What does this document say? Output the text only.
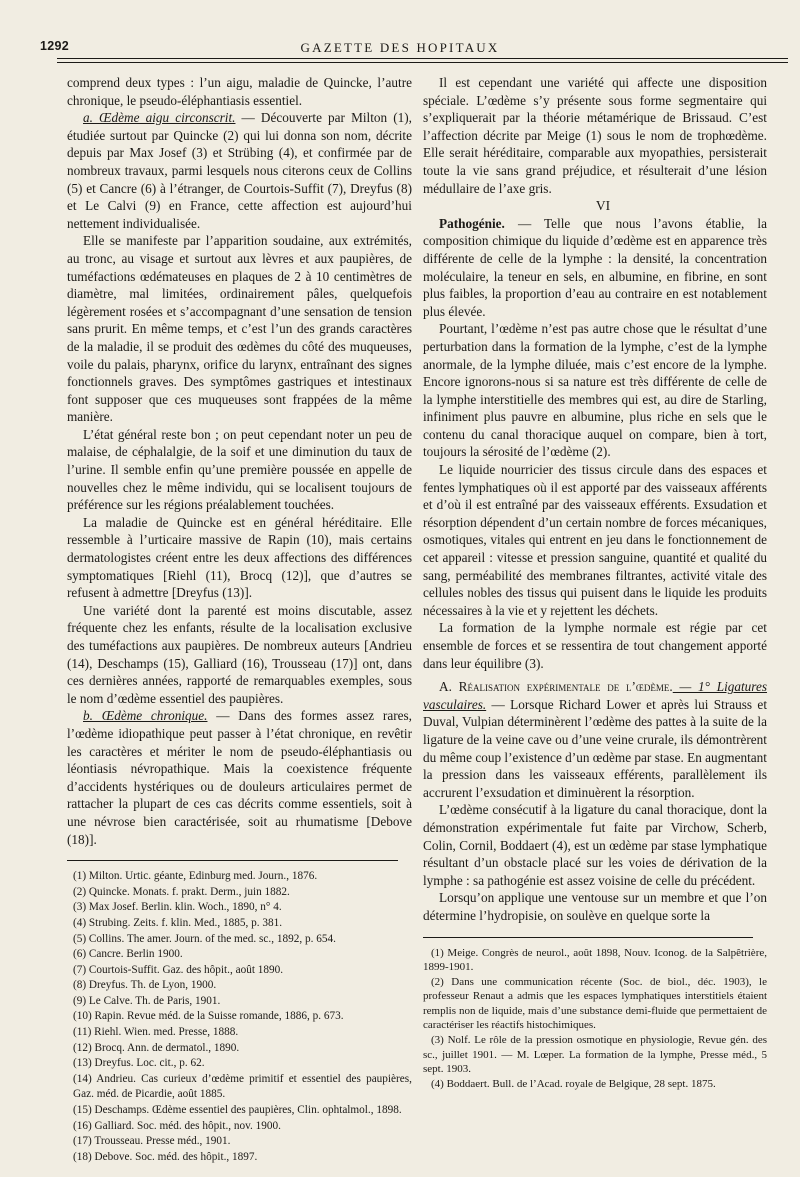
1292	GAZETTE DES HOPITAUX

comprend deux types : l’un aigu, maladie de Quincke, l’autre chronique, le pseudo-éléphantiasis essentiel.

a. Œdème aigu circonscrit. — Découverte par Milton (1), étudiée surtout par Quincke (2) qui lui donna son nom, décrite depuis par Max Josef (3) et Strübing (4), et confirmée par de nombreux travaux, parmi lesquels nous citerons ceux de Collins (5) et Cancre (6) à l’étranger, de Courtois-Suffit (7), Dreyfus (8) et Le Calvi (9) en France, cette affection est aujourd’hui nettement individualisée.

Elle se manifeste par l’apparition soudaine, aux extrémités, au tronc, au visage et surtout aux lèvres et aux paupières, de tuméfactions œdémateuses en plaques de 2 à 10 centimètres de diamètre, mal limitées, ordinairement pâles, quelquefois légèrement rosées et s’accompagnant d’une sensation de tension sans prurit. En même temps, et c’est l’un des grands caractères de la maladie, il se produit des œdèmes du côté des muqueuses, voile du palais, pharynx, orifice du larynx, entraînant des signes fonctionnels graves. Des symptômes gastriques et intestinaux font supposer que ces muqueuses sont frappées de la même manière.

L’état général reste bon ; on peut cependant noter un peu de malaise, de céphalalgie, de la soif et une diminution du taux de l’urine. Il semble enfin qu’une première poussée en appelle de nouvelles chez le même individu, qui se localisent toujours de préférence sur les régions préalablement touchées.

La maladie de Quincke est en général héréditaire. Elle ressemble à l’urticaire massive de Rapin (10), mais certains dermatologistes créent entre les deux affections des différences symptomatiques [Riehl (11), Brocq (12)], que d’autres se refusent à admettre [Dreyfus (13)].

Une variété dont la parenté est moins discutable, assez fréquente chez les enfants, résulte de la localisation exclusive des tuméfactions aux paupières. De nombreux auteurs [Andrieu (14), Deschamps (15), Galliard (16), Trousseau (17)] ont, dans ces dernières années, rapporté de remarquables exemples, sous le nom d’œdème essentiel des paupières.

b. Œdème chronique. — Dans des formes assez rares, l’œdème idiopathique peut passer à l’état chronique, en revêtir les caractères et mériter le nom de pseudo-éléphantiasis ou léontiasis névropathique. Mais la coexistence fréquente d’accidents hystériques ou de douleurs articulaires permet de rattacher la plupart de ces cas décrits comme essentiels, soit à une névrose bien caractérisée, soit au rhumatisme [Debove (18)].

(1) Milton. Urtic. géante, Edinburg med. Journ., 1876.
(2) Quincke. Monats. f. prakt. Derm., juin 1882.
(3) Max Josef. Berlin. klin. Woch., 1890, n° 4.
(4) Strubing. Zeits. f. klin. Med., 1885, p. 381.
(5) Collins. The amer. Journ. of the med. sc., 1892, p. 654.
(6) Cancre. Berlin 1900.
(7) Courtois-Suffit. Gaz. des hôpit., août 1890.
(8) Dreyfus. Th. de Lyon, 1900.
(9) Le Calve. Th. de Paris, 1901.
(10) Rapin. Revue méd. de la Suisse romande, 1886, p. 673.
(11) Riehl. Wien. med. Presse, 1888.
(12) Brocq. Ann. de dermatol., 1890.
(13) Dreyfus. Loc. cit., p. 62.
(14) Andrieu. Cas curieux d’œdème primitif et essentiel des paupières, Gaz. méd. de Picardie, août 1885.
(15) Deschamps. Œdème essentiel des paupières, Clin. ophtalmol., 1898.
(16) Galliard. Soc. méd. des hôpit., nov. 1900.
(17) Trousseau. Presse méd., 1901.
(18) Debove. Soc. méd. des hôpit., 1897.

Il est cependant une variété qui affecte une disposition spéciale. L’œdème s’y présente sous forme segmentaire qui s’expliquerait par la théorie métamérique de Brissaud. C’est l’affection décrite par Meige (1) sous le nom de trophœdème. Elle serait héréditaire, comparable aux myopathies, persisterait toute la vie sans grand préjudice, et résulterait d’une lésion médullaire de l’axe gris.

VI

Pathogénie. — Telle que nous l’avons établie, la composition chimique du liquide d’œdème est en apparence très différente de celle de la lymphe : la densité, la concentration moléculaire, la teneur en sels, en albumine, en fibrine, en sont plus faibles, la proportion d’eau au contraire en est notablement plus élevée.

Pourtant, l’œdème n’est pas autre chose que le résultat d’une perturbation dans la formation de la lymphe, c’est de la lymphe anormale, de la lymphe diluée, mais c’est encore de la lymphe. Encore ignorons-nous si sa nature est très différente de celle de la lymphe interstitielle des membres qui est, au dire de Starling, infiniment plus pauvre en albumine, plus riche en sels que le contenu du canal thoracique auquel on compare, bien à tort, toujours la sérosité de l’œdème (2).

Le liquide nourricier des tissus circule dans des espaces et fentes lymphatiques où il est apporté par des vaisseaux afférents et d’où il est entraîné par des vaisseaux efférents. Exsudation et résorption dépendent d’un certain nombre de forces mécaniques, osmotiques, vitales qui entrent en jeu dans le fonctionnement de cet appareil : vitesse et pression sanguine, quantité et qualité du sang, perméabilité des membranes filtrantes, activité vitale des cellules nobles des tissus qui puisent dans le liquide les produits nécessaires à la vie et y rejettent les déchets.

La formation de la lymphe normale est régie par cet ensemble de forces et se ressentira de tout changement apporté dans leur équilibre (3).

A. Réalisation expérimentale de l’œdème. — 1° Ligatures vasculaires. — Lorsque Richard Lower et après lui Strauss et Duval, Vulpian déterminèrent l’œdème des pattes à la suite de la ligature de la veine cave ou d’une veine crurale, ils démontrèrent du même coup l’existence d’un œdème par stase. En augmentant la pression dans les vaisseaux efférents, parallèlement ils accrurent l’exsudation et diminuèrent la résorption.

L’œdème consécutif à la ligature du canal thoracique, dont la démonstration expérimentale fut faite par Virchow, Scherb, Colin, Cornil, Boddaert (4), est un œdème par stase lymphatique résultant d’un obstacle placé sur les voies de dérivation de la lymphe : sa pathogénie est assez voisine de celle du précédent.

Lorsqu’on applique une ventouse sur un membre et que l’on détermine l’hydropisie, on soulève en quelque sorte la

(1) Meige. Congrès de neurol., août 1898, Nouv. Iconog. de la Salpêtrière, 1899-1901.

(2) Dans une communication récente (Soc. de biol., déc. 1903), le professeur Renaut a admis que les espaces lymphatiques interstitiels étaient remplis non de liquide, mais d’une substance demi-fluide que permettaient de caractériser les réactifs histochimiques.

(3) Nolf. Le rôle de la pression osmotique en physiologie, Revue gén. des sc., juillet 1901. — M. Lœper. La formation de la lymphe, Presse méd., 5 sept. 1903.

(4) Boddaert. Bull. de l’Acad. royale de Belgique, 28 sept. 1875.
